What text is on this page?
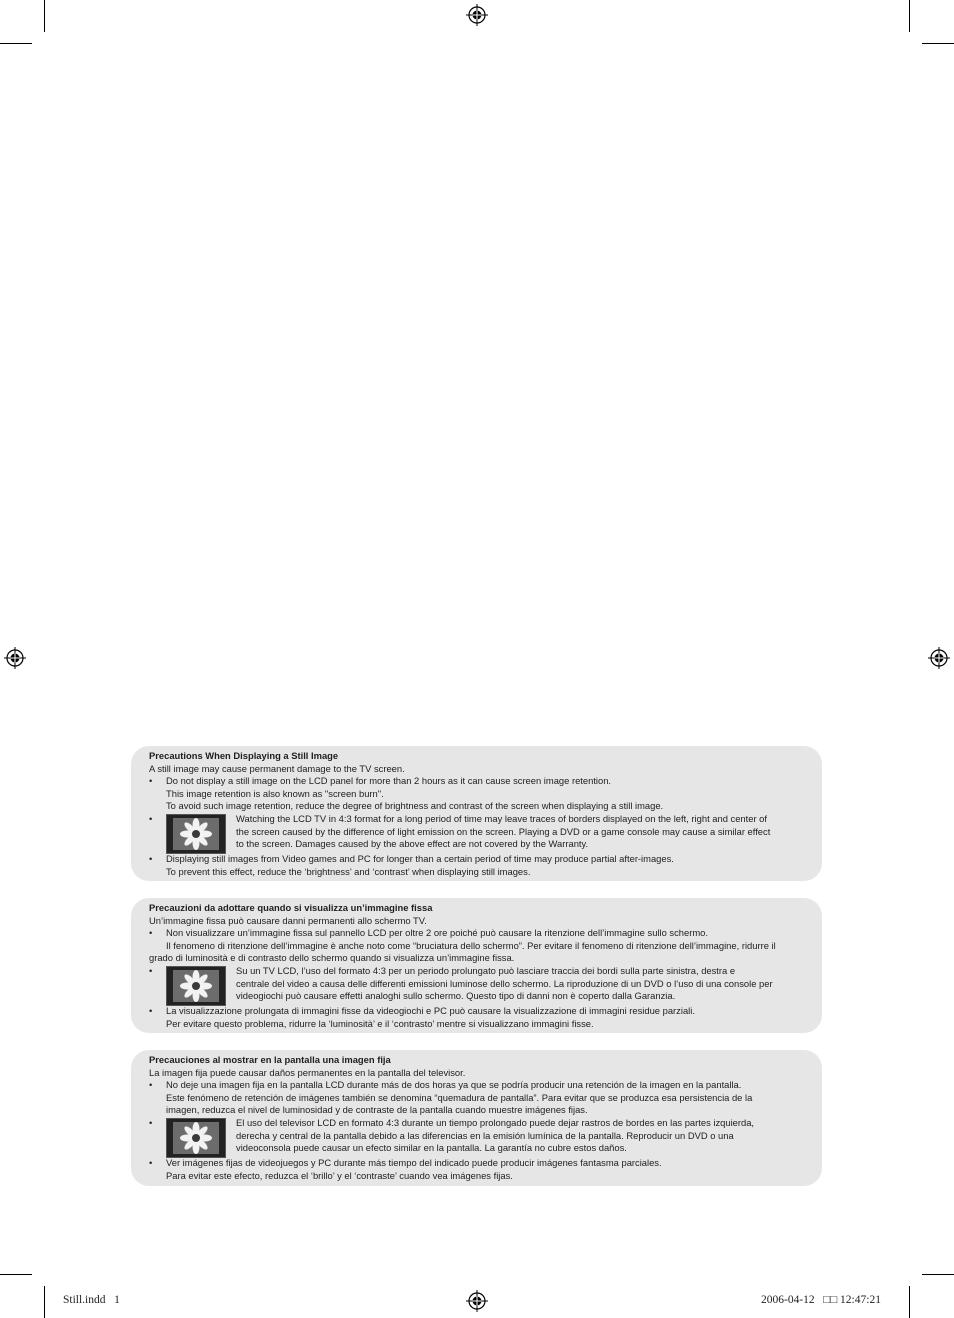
Precautions When Displaying a Still Image
A still image may cause permanent damage to the TV screen.
• Do not display a still image on the LCD panel for more than 2 hours as it can cause screen image retention.
This image retention is also known as "screen burn".
To avoid such image retention, reduce the degree of brightness and contrast of the screen when displaying a still image.
•	Watching the LCD TV in 4:3 format for a long period of time may leave traces of borders displayed on the left, right and center of
the screen caused by the difference of light emission on the screen. Playing a DVD or a game console may cause a similar effect
to the screen. Damages caused by the above effect are not covered by the Warranty.
• Displaying still images from Video games and PC for longer than a certain period of time may produce partial after-images.
To prevent this effect, reduce the ‘brightness’ and ‘contrast’ when displaying still images.
Precauzioni da adottare quando si visualizza un’immagine fissa
Un’immagine fissa può causare danni permanenti allo schermo TV.
• Non visualizzare un’immagine fissa sul pannello LCD per oltre 2 ore poiché può causare la ritenzione dell’immagine sullo schermo.
Il fenomeno di ritenzione dell’immagine è anche noto come “bruciatura dello schermo”. Per evitare il fenomeno di ritenzione dell’immagine, ridurre il
grado di luminosità e di contrasto dello schermo quando si visualizza un’immagine fissa.
•	Su un TV LCD, l’uso del formato 4:3 per un periodo prolungato può lasciare traccia dei bordi sulla parte sinistra, destra e
centrale del video a causa delle differenti emissioni luminose dello schermo. La riproduzione di un DVD o l’uso di una console per
videogiochi può causare effetti analoghi sullo schermo. Questo tipo di danni non è coperto dalla Garanzia.
• La visualizzazione prolungata di immagini fisse da videogiochi e PC può causare la visualizzazione di immagini residue parziali.
Per evitare questo problema, ridurre la ‘luminosità’ e il ‘contrasto’ mentre si visualizzano immagini fisse.
Precauciones al mostrar en la pantalla una imagen fija
La imagen fija puede causar daños permanentes en la pantalla del televisor.
• No deje una imagen fija en la pantalla LCD durante más de dos horas ya que se podría producir una retención de la imagen en la pantalla.
Este fenómeno de retención de imágenes también se denomina “quemadura de pantalla”. Para evitar que se produzca esa persistencia de la
imagen, reduzca el nivel de luminosidad y de contraste de la pantalla cuando muestre imágenes fijas.
•	El uso del televisor LCD en formato 4:3 durante un tiempo prolongado puede dejar rastros de bordes en las partes izquierda,
derecha y central de la pantalla debido a las diferencias en la emisión lumínica de la pantalla. Reproducir un DVD o una
videoconsola puede causar un efecto similar en la pantalla. La garantía no cubre estos daños.
• Ver imágenes fijas de videojuegos y PC durante más tiempo del indicado puede producir imágenes fantasma parciales.
Para evitar este efecto, reduzca el ‘brillo’ y el ‘contraste’ cuando vea imágenes fijas.
Still.indd   1	2006-04-12   □□ 12:47:21
